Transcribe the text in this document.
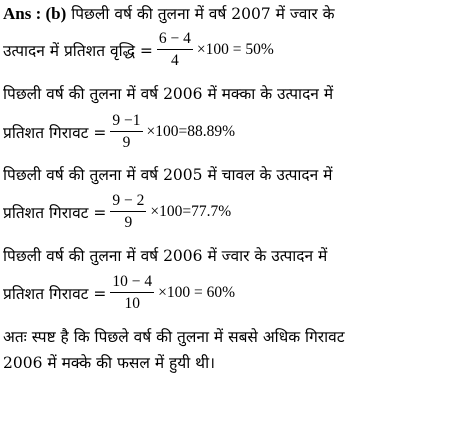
Ans : (b) पिछली वर्ष की तुलना में वर्ष 2007 में ज्वार के
उत्पादन में प्रतिशत वृद्धि = $\frac{6 - 4}{4} \times 100 = 50\%$
पिछली वर्ष की तुलना में वर्ष 2006 में मक्का के उत्पादन में
प्रतिशत गिरावट = $\frac{9 -1}{9} \times 100=88.89\%$
पिछली वर्ष की तुलना में वर्ष 2005 में चावल के उत्पादन में
प्रतिशत गिरावट = $\frac{9 - 2}{9} \times 100=77.7\%$
पिछली वर्ष की तुलना में वर्ष 2006 में ज्वार के उत्पादन में
प्रतिशत गिरावट = $\frac{10 - 4}{10} \times 100 = 60\%$
अतः स्पष्ट है कि पिछले वर्ष की तुलना में सबसे अधिक गिरावट
2006 में मक्के की फसल में हुयी थी।
